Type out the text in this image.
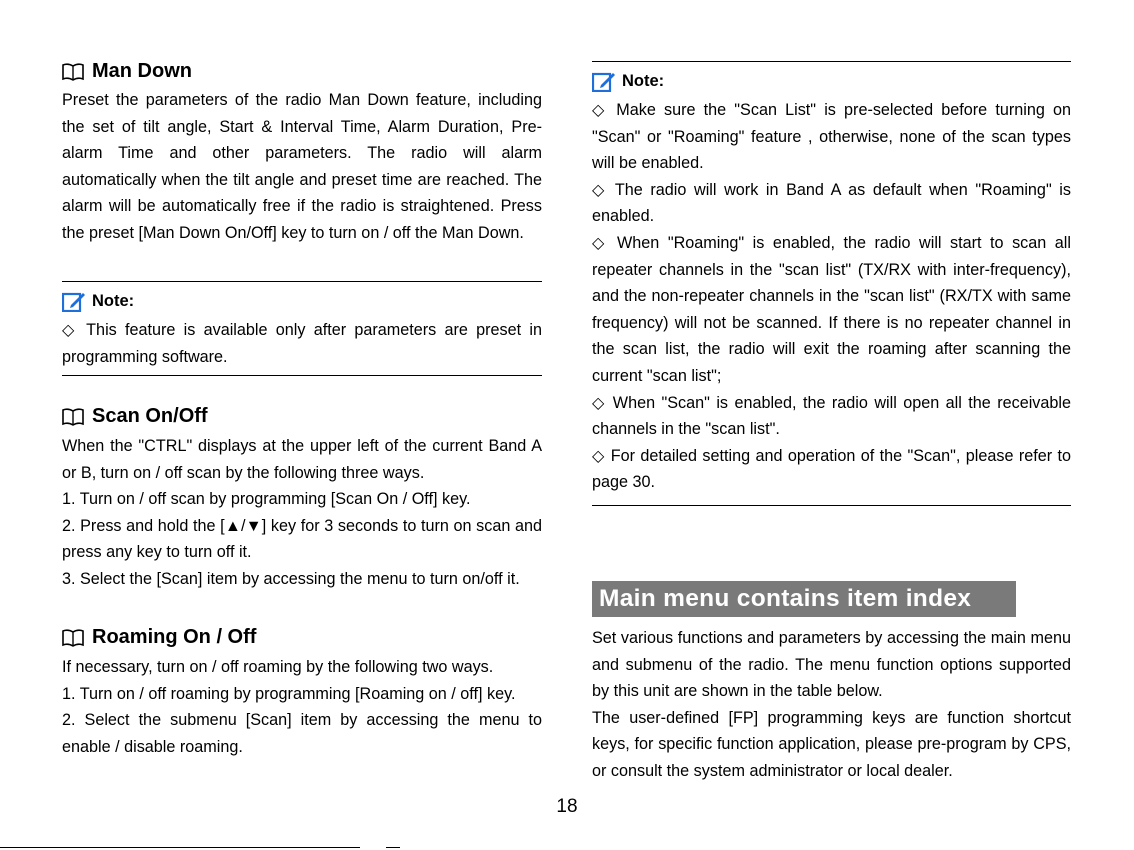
Man Down

Preset the parameters of the radio Man Down feature, including the set of tilt angle, Start & Interval Time, Alarm Duration, Pre-alarm Time and other parameters. The radio will alarm automatically when the tilt angle and preset time are reached. The alarm will be automatically free if the radio is straightened. Press the preset [Man Down On/Off] key to turn on / off the Man Down.

Note:

◇ This feature is available only after parameters are preset in programming software.

Scan On/Off

When the "CTRL" displays at the upper left of the current Band A or B, turn on / off scan by the following three ways.

1. Turn on / off scan by programming [Scan On / Off] key.

2. Press and hold the [▲/▼] key for 3 seconds to turn on scan and press any key to turn off it.

3. Select the [Scan] item by accessing the menu to turn on/off it.

Roaming On / Off

If necessary, turn on / off roaming by the following two ways.

1. Turn on / off roaming by programming [Roaming on / off] key.

2. Select the submenu [Scan] item by accessing the menu to enable / disable roaming.

Note:

◇ Make sure the "Scan List" is pre-selected before turning on "Scan" or "Roaming" feature , otherwise, none of the scan types will be enabled.

◇ The radio will work in Band A as default when "Roaming" is enabled.

◇ When "Roaming" is enabled, the radio will start to scan all repeater channels in the "scan list" (TX/RX with inter-frequency), and the non-repeater channels in the "scan list" (RX/TX with same frequency) will not be scanned. If there is no repeater channel in the scan list, the radio will exit the roaming after scanning the current "scan list";

◇ When "Scan" is enabled, the radio will open all the receivable channels in the "scan list".

◇ For detailed setting and operation of the "Scan", please refer to page 30.

Main menu contains item index

Set various functions and parameters by accessing the main menu and submenu of the radio. The menu function options supported by this unit are shown in the table below.

The user-defined [FP] programming keys are function shortcut keys, for specific function application, please pre-program by CPS, or consult the system administrator or local dealer.

18
